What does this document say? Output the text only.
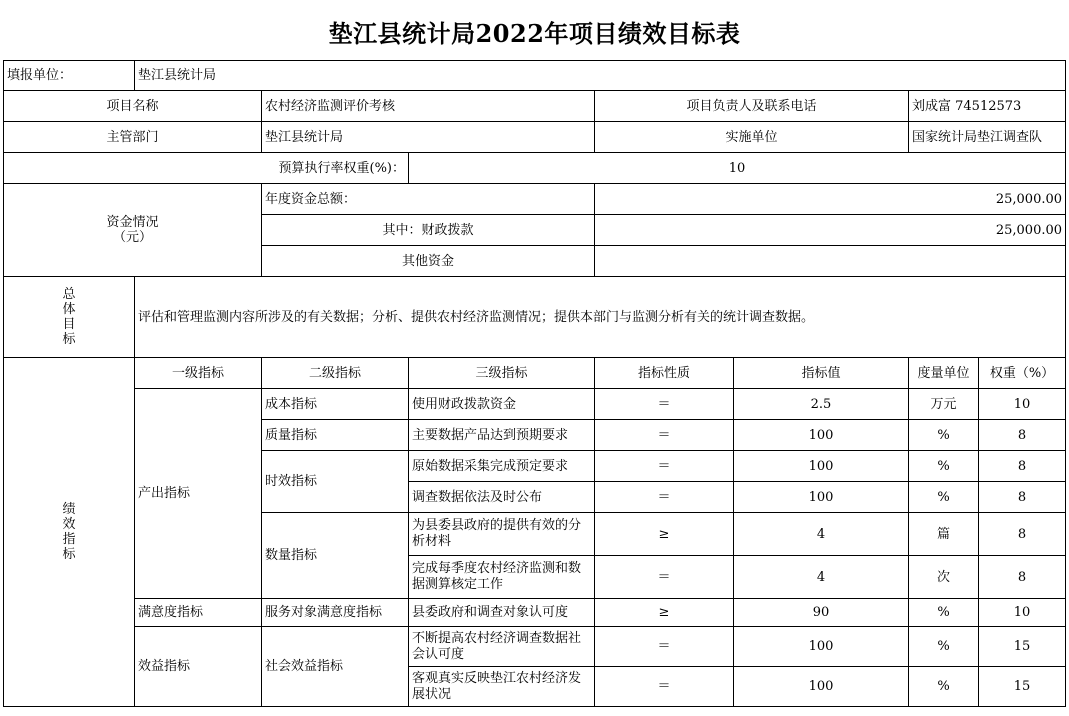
垫江县统计局2022年项目绩效目标表
填报单位：	垫江县统计局						
项目名称		农村经济监测评价考核		项目负责人及联系电话		刘成富 74512573	
主管部门		垫江县统计局		实施单位		国家统计局垫江调查队	
预算执行率权重(%)：			10				

资金情况
（元）		年度资金总额：		25,000.00			
		其中：财政拨款		25,000.00			
		其他资金					

总
体
目
标	评估和管理监测内容所涉及的有关数据；分析、提供农村经济监测情况；提供本部门与监测分析有关的统计调查数据。						

绩
效
指
标	一级指标	二级指标	三级指标	指标性质	指标值	度量单位	权重（%）
	产出指标	成本指标	使用财政拨款资金	＝	2.5	万元	10
		质量指标	主要数据产品达到预期要求	＝	100	%	8
		时效指标	原始数据采集完成预定要求	＝	100	%	8
			调查数据依法及时公布	＝	100	%	8
		数量指标	为县委县政府的提供有效的分析材料	≥	4	篇	8
			完成每季度农村经济监测和数据测算核定工作	＝	4	次	8
	满意度指标	服务对象满意度指标	县委政府和调查对象认可度	≥	90	%	10
	效益指标	社会效益指标	不断提高农村经济调查数据社会认可度	＝	100	%	15
			客观真实反映垫江农村经济发展状况	＝	100	%	15
